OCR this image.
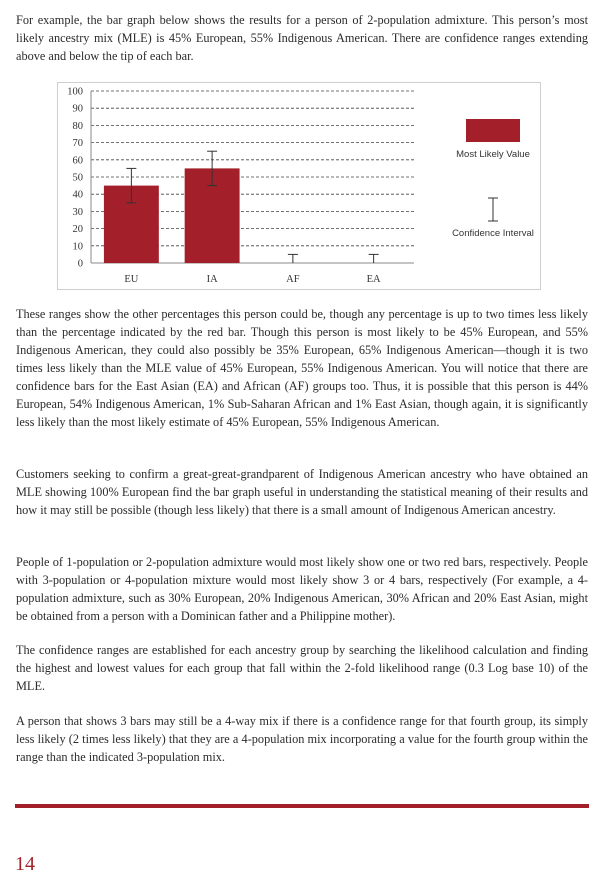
For example, the bar graph below shows the results for a person of 2-population admixture. This person’s most likely ancestry mix (MLE) is 45% European, 55% Indigenous American. There are confidence ranges extending above and below the tip of each bar.

0
10
20
30
40
50
60
70
80
90
100
EU	IA	AF	EA
Most Likely Value
Confidence Interval

These ranges show the other percentages this person could be, though any percentage is up to two times less likely than the percentage indicated by the red bar. Though this person is most likely to be 45% European, and 55% Indigenous American, they could also possibly be 35% European, 65% Indigenous American—though it is two times less likely than the MLE value of 45% European, 55% Indigenous American. You will notice that there are confidence bars for the East Asian (EA) and African (AF) groups too. Thus, it is possible that this person is 44% European, 54% Indigenous American, 1% Sub-Saharan African and 1% East Asian, though again, it is significantly less likely than the most likely estimate of 45% European, 55% Indigenous American.

Customers seeking to confirm a great-great-grandparent of Indigenous American ancestry who have obtained an MLE showing 100% European find the bar graph useful in understanding the statistical meaning of their results and how it may still be possible (though less likely) that there is a small amount of Indigenous American ancestry.

People of 1-population or 2-population admixture would most likely show one or two red bars, respectively. People with 3-population or 4-population mixture would most likely show 3 or 4 bars, respectively (For example, a 4-population admixture, such as 30% European, 20% Indigenous American, 30% African and 20% East Asian, might be obtained from a person with a Dominican father and a Philippine mother).

The confidence ranges are established for each ancestry group by searching the likelihood calculation and finding the highest and lowest values for each group that fall within the 2-fold likelihood range (0.3 Log base 10) of the MLE.

A person that shows 3 bars may still be a 4-way mix if there is a confidence range for that fourth group, its simply less likely (2 times less likely) that they are a 4-population mix incorporating a value for the fourth group within the range than the indicated 3-population mix.

14
